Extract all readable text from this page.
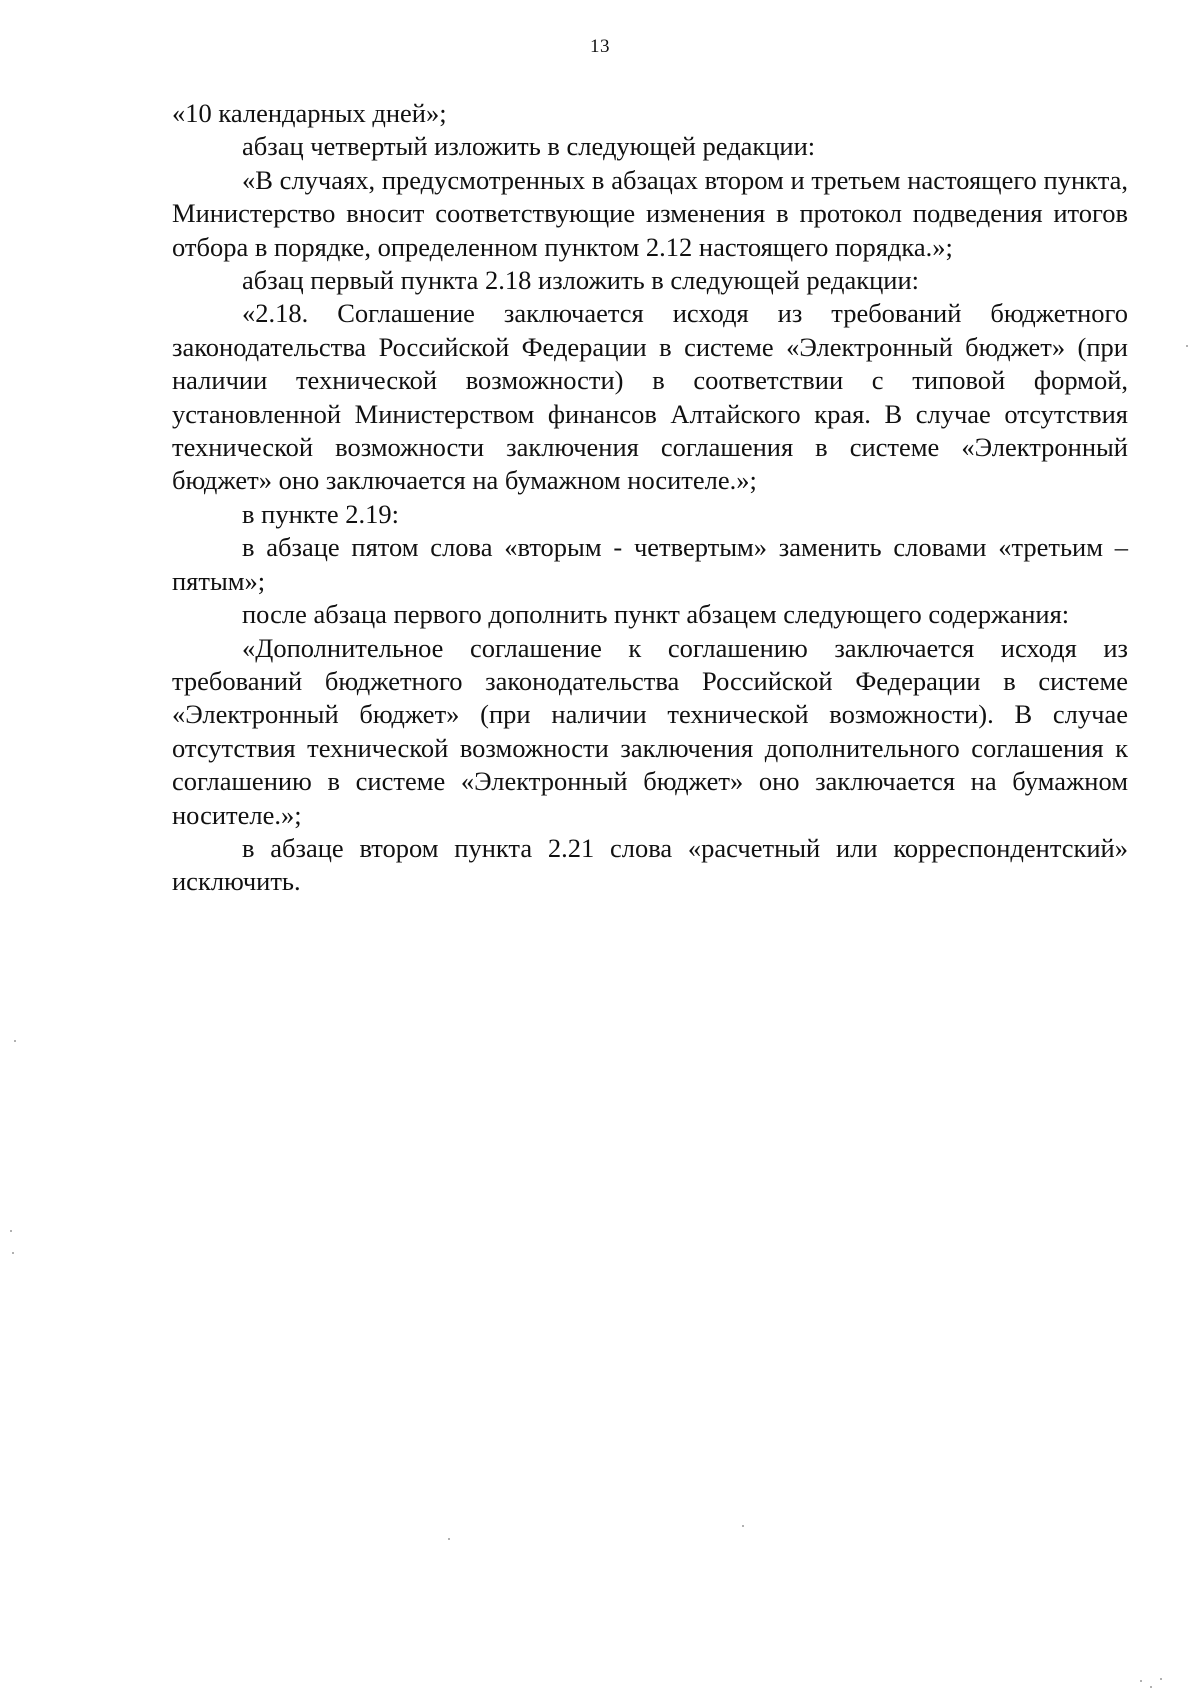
13

«10 календарных дней»;

абзац четвертый изложить в следующей редакции:

«В случаях, предусмотренных в абзацах втором и третьем настоящего пункта, Министерство вносит соответствующие изменения в протокол подведения итогов отбора в порядке, определенном пунктом 2.12 настоящего порядка.»;

абзац первый пункта 2.18 изложить в следующей редакции:

«2.18. Соглашение заключается исходя из требований бюджетного законодательства Российской Федерации в системе «Электронный бюджет» (при наличии технической возможности) в соответствии с типовой формой, установленной Министерством финансов Алтайского края. В случае отсутствия технической возможности заключения соглашения в системе «Электронный бюджет» оно заключается на бумажном носителе.»;

в пункте 2.19:

в абзаце пятом слова «вторым - четвертым» заменить словами «третьим – пятым»;

после абзаца первого дополнить пункт абзацем следующего содержания:

«Дополнительное соглашение к соглашению заключается исходя из требований бюджетного законодательства Российской Федерации в системе «Электронный бюджет» (при наличии технической возможности). В случае отсутствия технической возможности заключения дополнительного соглашения к соглашению в системе «Электронный бюджет» оно заключается на бумажном носителе.»;

в абзаце втором пункта 2.21 слова «расчетный или корреспондентский» исключить.
